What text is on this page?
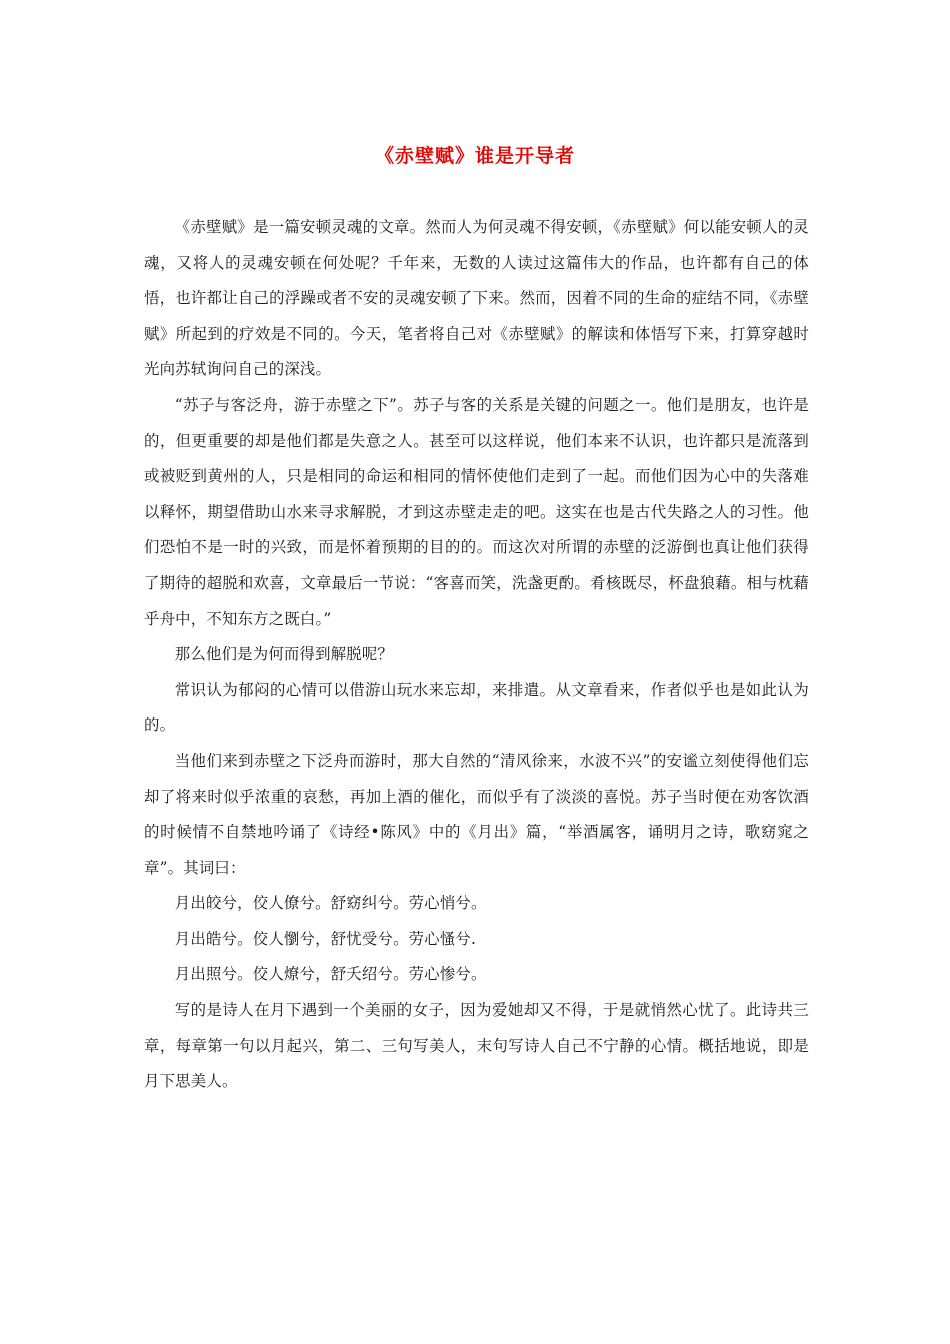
《赤壁赋》谁是开导者

《赤壁赋》是一篇安顿灵魂的文章。然而人为何灵魂不得安顿，《赤壁赋》何以能安顿人的灵魂，又将人的灵魂安顿在何处呢？千年来，无数的人读过这篇伟大的作品，也许都有自己的体悟，也许都让自己的浮躁或者不安的灵魂安顿了下来。然而，因着不同的生命的症结不同，《赤壁赋》所起到的疗效是不同的。今天，笔者将自己对《赤壁赋》的解读和体悟写下来，打算穿越时光向苏轼询问自己的深浅。

“苏子与客泛舟，游于赤壁之下”。苏子与客的关系是关键的问题之一。他们是朋友，也许是的，但更重要的却是他们都是失意之人。甚至可以这样说，他们本来不认识，也许都只是流落到或被贬到黄州的人，只是相同的命运和相同的情怀使他们走到了一起。而他们因为心中的失落难以释怀，期望借助山水来寻求解脱，才到这赤壁走走的吧。这实在也是古代失路之人的习性。他们恐怕不是一时的兴致，而是怀着预期的目的的。而这次对所谓的赤壁的泛游倒也真让他们获得了期待的超脱和欢喜，文章最后一节说：“客喜而笑，洗盏更酌。肴核既尽，杯盘狼藉。相与枕藉乎舟中，不知东方之既白。”

那么他们是为何而得到解脱呢？

常识认为郁闷的心情可以借游山玩水来忘却，来排遣。从文章看来，作者似乎也是如此认为的。

当他们来到赤壁之下泛舟而游时，那大自然的“清风徐来，水波不兴”的安谧立刻使得他们忘却了将来时似乎浓重的哀愁，再加上酒的催化，而似乎有了淡淡的喜悦。苏子当时便在劝客饮酒的时候情不自禁地吟诵了《诗经•陈风》中的《月出》篇，“举酒属客，诵明月之诗，歌窈窕之章”。其词曰：

月出皎兮，佼人僚兮。舒窈纠兮。劳心悄兮。

月出皓兮。佼人懰兮，舒忧受兮。劳心慅兮.

月出照兮。佼人燎兮，舒夭绍兮。劳心惨兮。

写的是诗人在月下遇到一个美丽的女子，因为爱她却又不得，于是就悄然心忧了。此诗共三章，每章第一句以月起兴，第二、三句写美人，末句写诗人自己不宁静的心情。概括地说，即是月下思美人。
